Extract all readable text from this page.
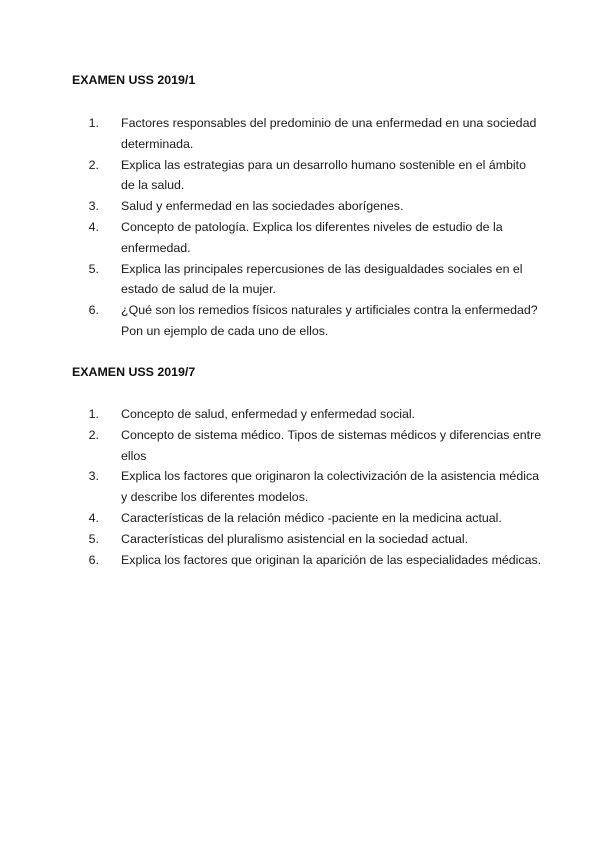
EXAMEN USS 2019/1
1.	Factores responsables del predominio de una enfermedad en una sociedad determinada.
2.	Explica las estrategias para un desarrollo humano sostenible en el ámbito de la salud.
3.	Salud y enfermedad en las sociedades aborígenes.
4.	Concepto de patología. Explica los diferentes niveles de estudio de la enfermedad.
5.	Explica las principales repercusiones de las desigualdades sociales en el estado de salud de la mujer.
6.	¿Qué son los remedios físicos naturales y artificiales contra la enfermedad? Pon un ejemplo de cada uno de ellos.
EXAMEN USS 2019/7
1.	Concepto de salud, enfermedad y enfermedad social.
2.	Concepto de sistema médico. Tipos de sistemas médicos y diferencias entre ellos
3.	Explica los factores que originaron la colectivización de la asistencia médica y describe los diferentes modelos.
4.	Características de la relación médico -paciente en la medicina actual.
5.	Características del pluralismo asistencial en la sociedad actual.
6.	Explica los factores que originan la aparición de las especialidades médicas.
